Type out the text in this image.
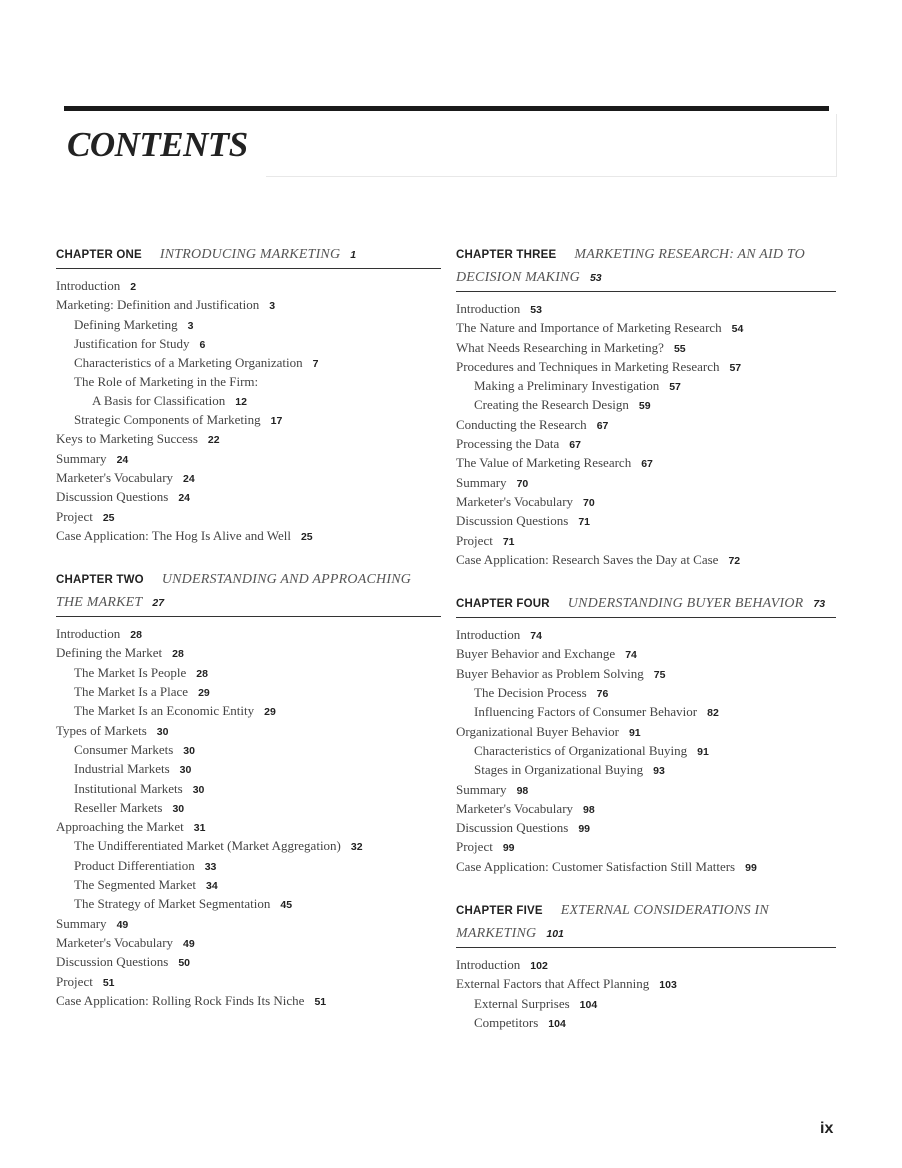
CONTENTS
CHAPTER ONE INTRODUCING MARKETING 1
Introduction 2
Marketing: Definition and Justification 3
Defining Marketing 3
Justification for Study 6
Characteristics of a Marketing Organization 7
The Role of Marketing in the Firm:
A Basis for Classification 12
Strategic Components of Marketing 17
Keys to Marketing Success 22
Summary 24
Marketer's Vocabulary 24
Discussion Questions 24
Project 25
Case Application: The Hog Is Alive and Well 25
CHAPTER TWO UNDERSTANDING AND APPROACHING THE MARKET 27
Introduction 28
Defining the Market 28
The Market Is People 28
The Market Is a Place 29
The Market Is an Economic Entity 29
Types of Markets 30
Consumer Markets 30
Industrial Markets 30
Institutional Markets 30
Reseller Markets 30
Approaching the Market 31
The Undifferentiated Market (Market Aggregation) 32
Product Differentiation 33
The Segmented Market 34
The Strategy of Market Segmentation 45
Summary 49
Marketer's Vocabulary 49
Discussion Questions 50
Project 51
Case Application: Rolling Rock Finds Its Niche 51
CHAPTER THREE MARKETING RESEARCH: AN AID TO DECISION MAKING 53
Introduction 53
The Nature and Importance of Marketing Research 54
What Needs Researching in Marketing? 55
Procedures and Techniques in Marketing Research 57
Making a Preliminary Investigation 57
Creating the Research Design 59
Conducting the Research 67
Processing the Data 67
The Value of Marketing Research 67
Summary 70
Marketer's Vocabulary 70
Discussion Questions 71
Project 71
Case Application: Research Saves the Day at Case 72
CHAPTER FOUR UNDERSTANDING BUYER BEHAVIOR 73
Introduction 74
Buyer Behavior and Exchange 74
Buyer Behavior as Problem Solving 75
The Decision Process 76
Influencing Factors of Consumer Behavior 82
Organizational Buyer Behavior 91
Characteristics of Organizational Buying 91
Stages in Organizational Buying 93
Summary 98
Marketer's Vocabulary 98
Discussion Questions 99
Project 99
Case Application: Customer Satisfaction Still Matters 99
CHAPTER FIVE EXTERNAL CONSIDERATIONS IN MARKETING 101
Introduction 102
External Factors that Affect Planning 103
External Surprises 104
Competitors 104
ix
